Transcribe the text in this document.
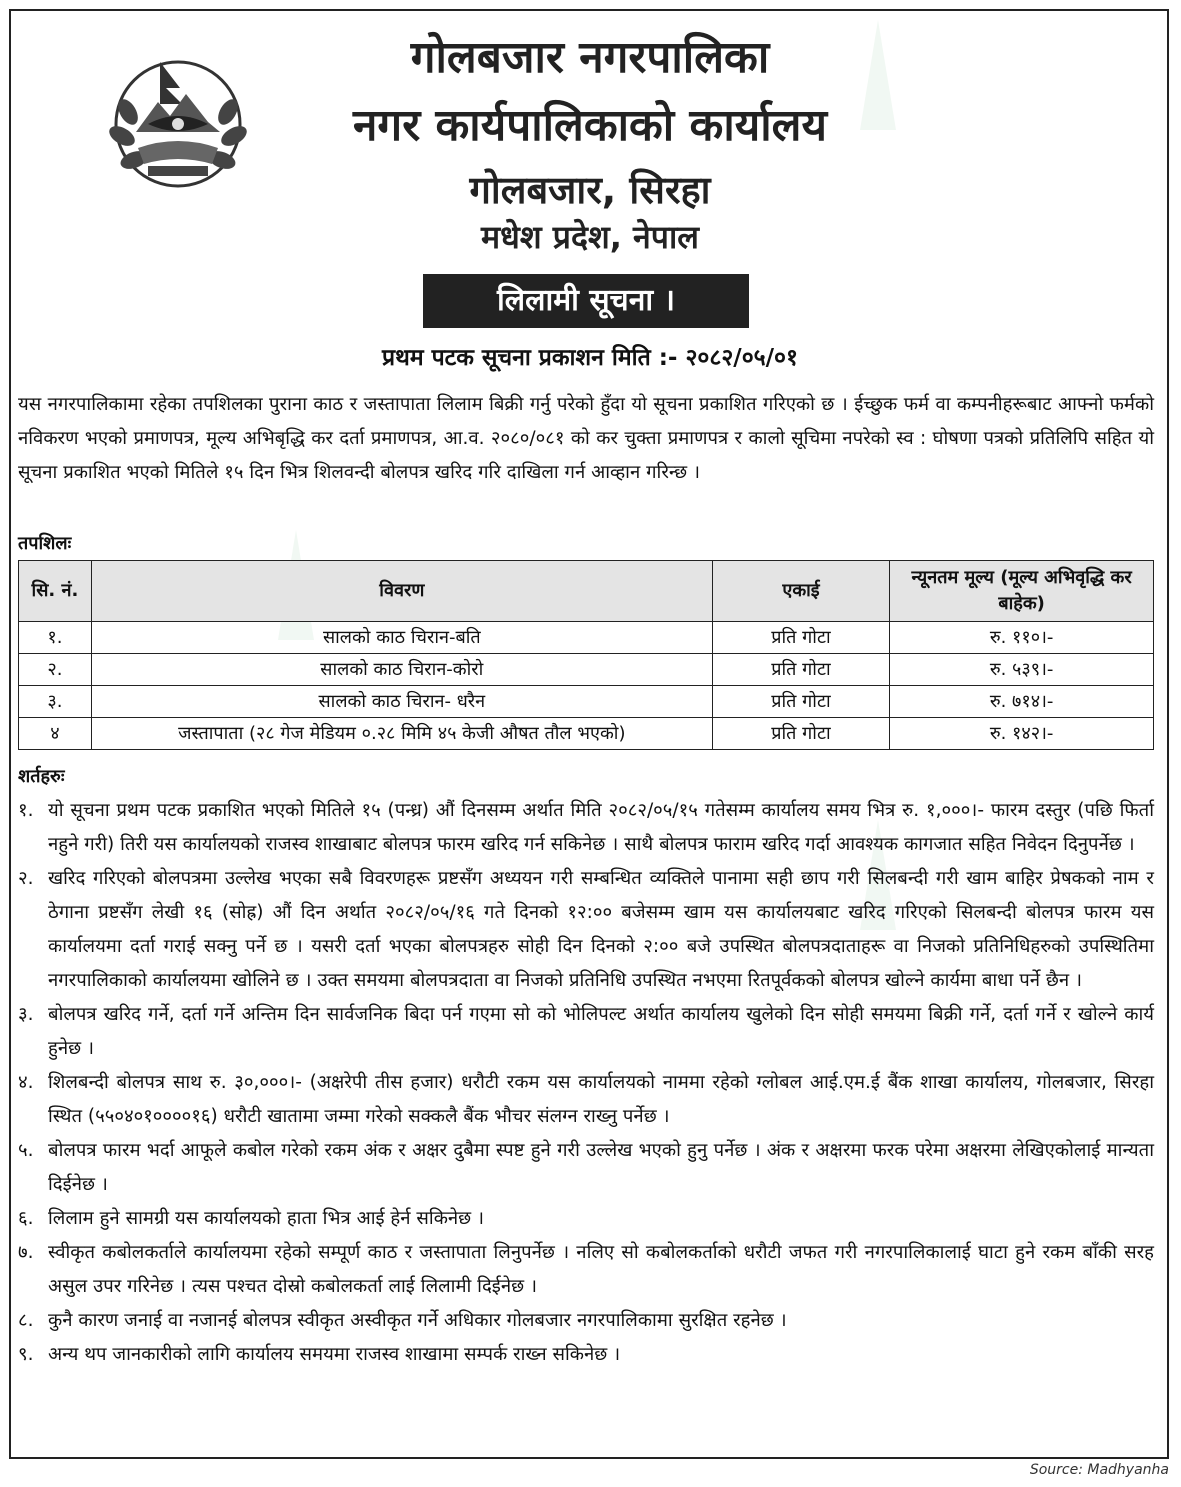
गोलबजार नगरपालिका
नगर कार्यपालिकाको कार्यालय
गोलबजार, सिरहा
मधेश प्रदेश, नेपाल
लिलामी सूचना ।
प्रथम पटक सूचना प्रकाशन मिति :- २०८२/०५/०१
यस नगरपालिकामा रहेका तपशिलका पुराना काठ र जस्तापाता लिलाम बिक्री गर्नु परेको हुँदा यो सूचना प्रकाशित गरिएको छ । ईच्छुक फर्म वा कम्पनीहरूबाट आफ्नो फर्मको नविकरण भएको प्रमाणपत्र, मूल्य अभिबृद्धि कर दर्ता प्रमाणपत्र, आ.व. २०८०/०८१ को कर चुक्ता प्रमाणपत्र र कालो सूचिमा नपरेको स्व : घोषणा पत्रको प्रतिलिपि सहित यो सूचना प्रकाशित भएको मितिले १५ दिन भित्र शिलवन्दी बोलपत्र खरिद गरि दाखिला गर्न आव्हान गरिन्छ ।
तपशिलः
सि. नं.	विवरण	एकाई	न्यूनतम मूल्य (मूल्य अभिवृद्धि कर बाहेक)
१.	सालको काठ चिरान-बति	प्रति गोटा	रु. ११०।-
२.	सालको काठ चिरान-कोरो	प्रति गोटा	रु. ५३९।-
३.	सालको काठ चिरान- धरैन	प्रति गोटा	रु. ७१४।-
४	जस्तापाता (२८ गेज मेडियम ०.२८ मिमि ४५ केजी औषत तौल भएको)	प्रति गोटा	रु. १४२।-
शर्तहरुः
१. यो सूचना प्रथम पटक प्रकाशित भएको मितिले १५ (पन्ध्र) औं दिनसम्म अर्थात मिति २०८२/०५/१५ गतेसम्म कार्यालय समय भित्र रु. १,०००।- फारम दस्तुर (पछि फिर्ता नहुने गरी) तिरी यस कार्यालयको राजस्व शाखाबाट बोलपत्र फारम खरिद गर्न सकिनेछ । साथै बोलपत्र फाराम खरिद गर्दा आवश्यक कागजात सहित निवेदन दिनुपर्नेछ ।
२. खरिद गरिएको बोलपत्रमा उल्लेख भएका सबै विवरणहरू प्रष्टसँग अध्ययन गरी सम्बन्धित व्यक्तिले पानामा सही छाप गरी सिलबन्दी गरी खाम बाहिर प्रेषकको नाम र ठेगाना प्रष्टसँग लेखी १६ (सोह्र) औं दिन अर्थात २०८२/०५/१६ गते दिनको १२:०० बजेसम्म खाम यस कार्यालयबाट खरिद गरिएको सिलबन्दी बोलपत्र फारम यस कार्यालयमा दर्ता गराई सक्नु पर्ने छ । यसरी दर्ता भएका बोलपत्रहरु सोही दिन दिनको २:०० बजे उपस्थित बोलपत्रदाताहरू वा निजको प्रतिनिधिहरुको उपस्थितिमा नगरपालिकाको कार्यालयमा खोलिने छ । उक्त समयमा बोलपत्रदाता वा निजको प्रतिनिधि उपस्थित नभएमा रितपूर्वकको बोलपत्र खोल्ने कार्यमा बाधा पर्ने छैन ।
३. बोलपत्र खरिद गर्ने, दर्ता गर्ने अन्तिम दिन सार्वजनिक बिदा पर्न गएमा सो को भोलिपल्ट अर्थात कार्यालय खुलेको दिन सोही समयमा बिक्री गर्ने, दर्ता गर्ने र खोल्ने कार्य हुनेछ ।
४. शिलबन्दी बोलपत्र साथ रु. ३०,०००।- (अक्षरेपी तीस हजार) धरौटी रकम यस कार्यालयको नाममा रहेको ग्लोबल आई.एम.ई बैंक शाखा कार्यालय, गोलबजार, सिरहा स्थित (५५०४०१००००१६) धरौटी खातामा जम्मा गरेको सक्कलै बैंक भौचर संलग्न राख्नु पर्नेछ ।
५. बोलपत्र फारम भर्दा आफूले कबोल गरेको रकम अंक र अक्षर दुबैमा स्पष्ट हुने गरी उल्लेख भएको हुनु पर्नेछ । अंक र अक्षरमा फरक परेमा अक्षरमा लेखिएकोलाई मान्यता दिईनेछ ।
६. लिलाम हुने सामग्री यस कार्यालयको हाता भित्र आई हेर्न सकिनेछ ।
७. स्वीकृत कबोलकर्ताले कार्यालयमा रहेको सम्पूर्ण काठ र जस्तापाता लिनुपर्नेछ । नलिए सो कबोलकर्ताको धरौटी जफत गरी नगरपालिकालाई घाटा हुने रकम बाँकी सरह असुल उपर गरिनेछ । त्यस पश्चत दोस्रो कबोलकर्ता लाई लिलामी दिईनेछ ।
८. कुनै कारण जनाई वा नजानई बोलपत्र स्वीकृत अस्वीकृत गर्ने अधिकार गोलबजार नगरपालिकामा सुरक्षित रहनेछ ।
९. अन्य थप जानकारीको लागि कार्यालय समयमा राजस्व शाखामा सम्पर्क राख्न सकिनेछ ।
Source: Madhyanha
